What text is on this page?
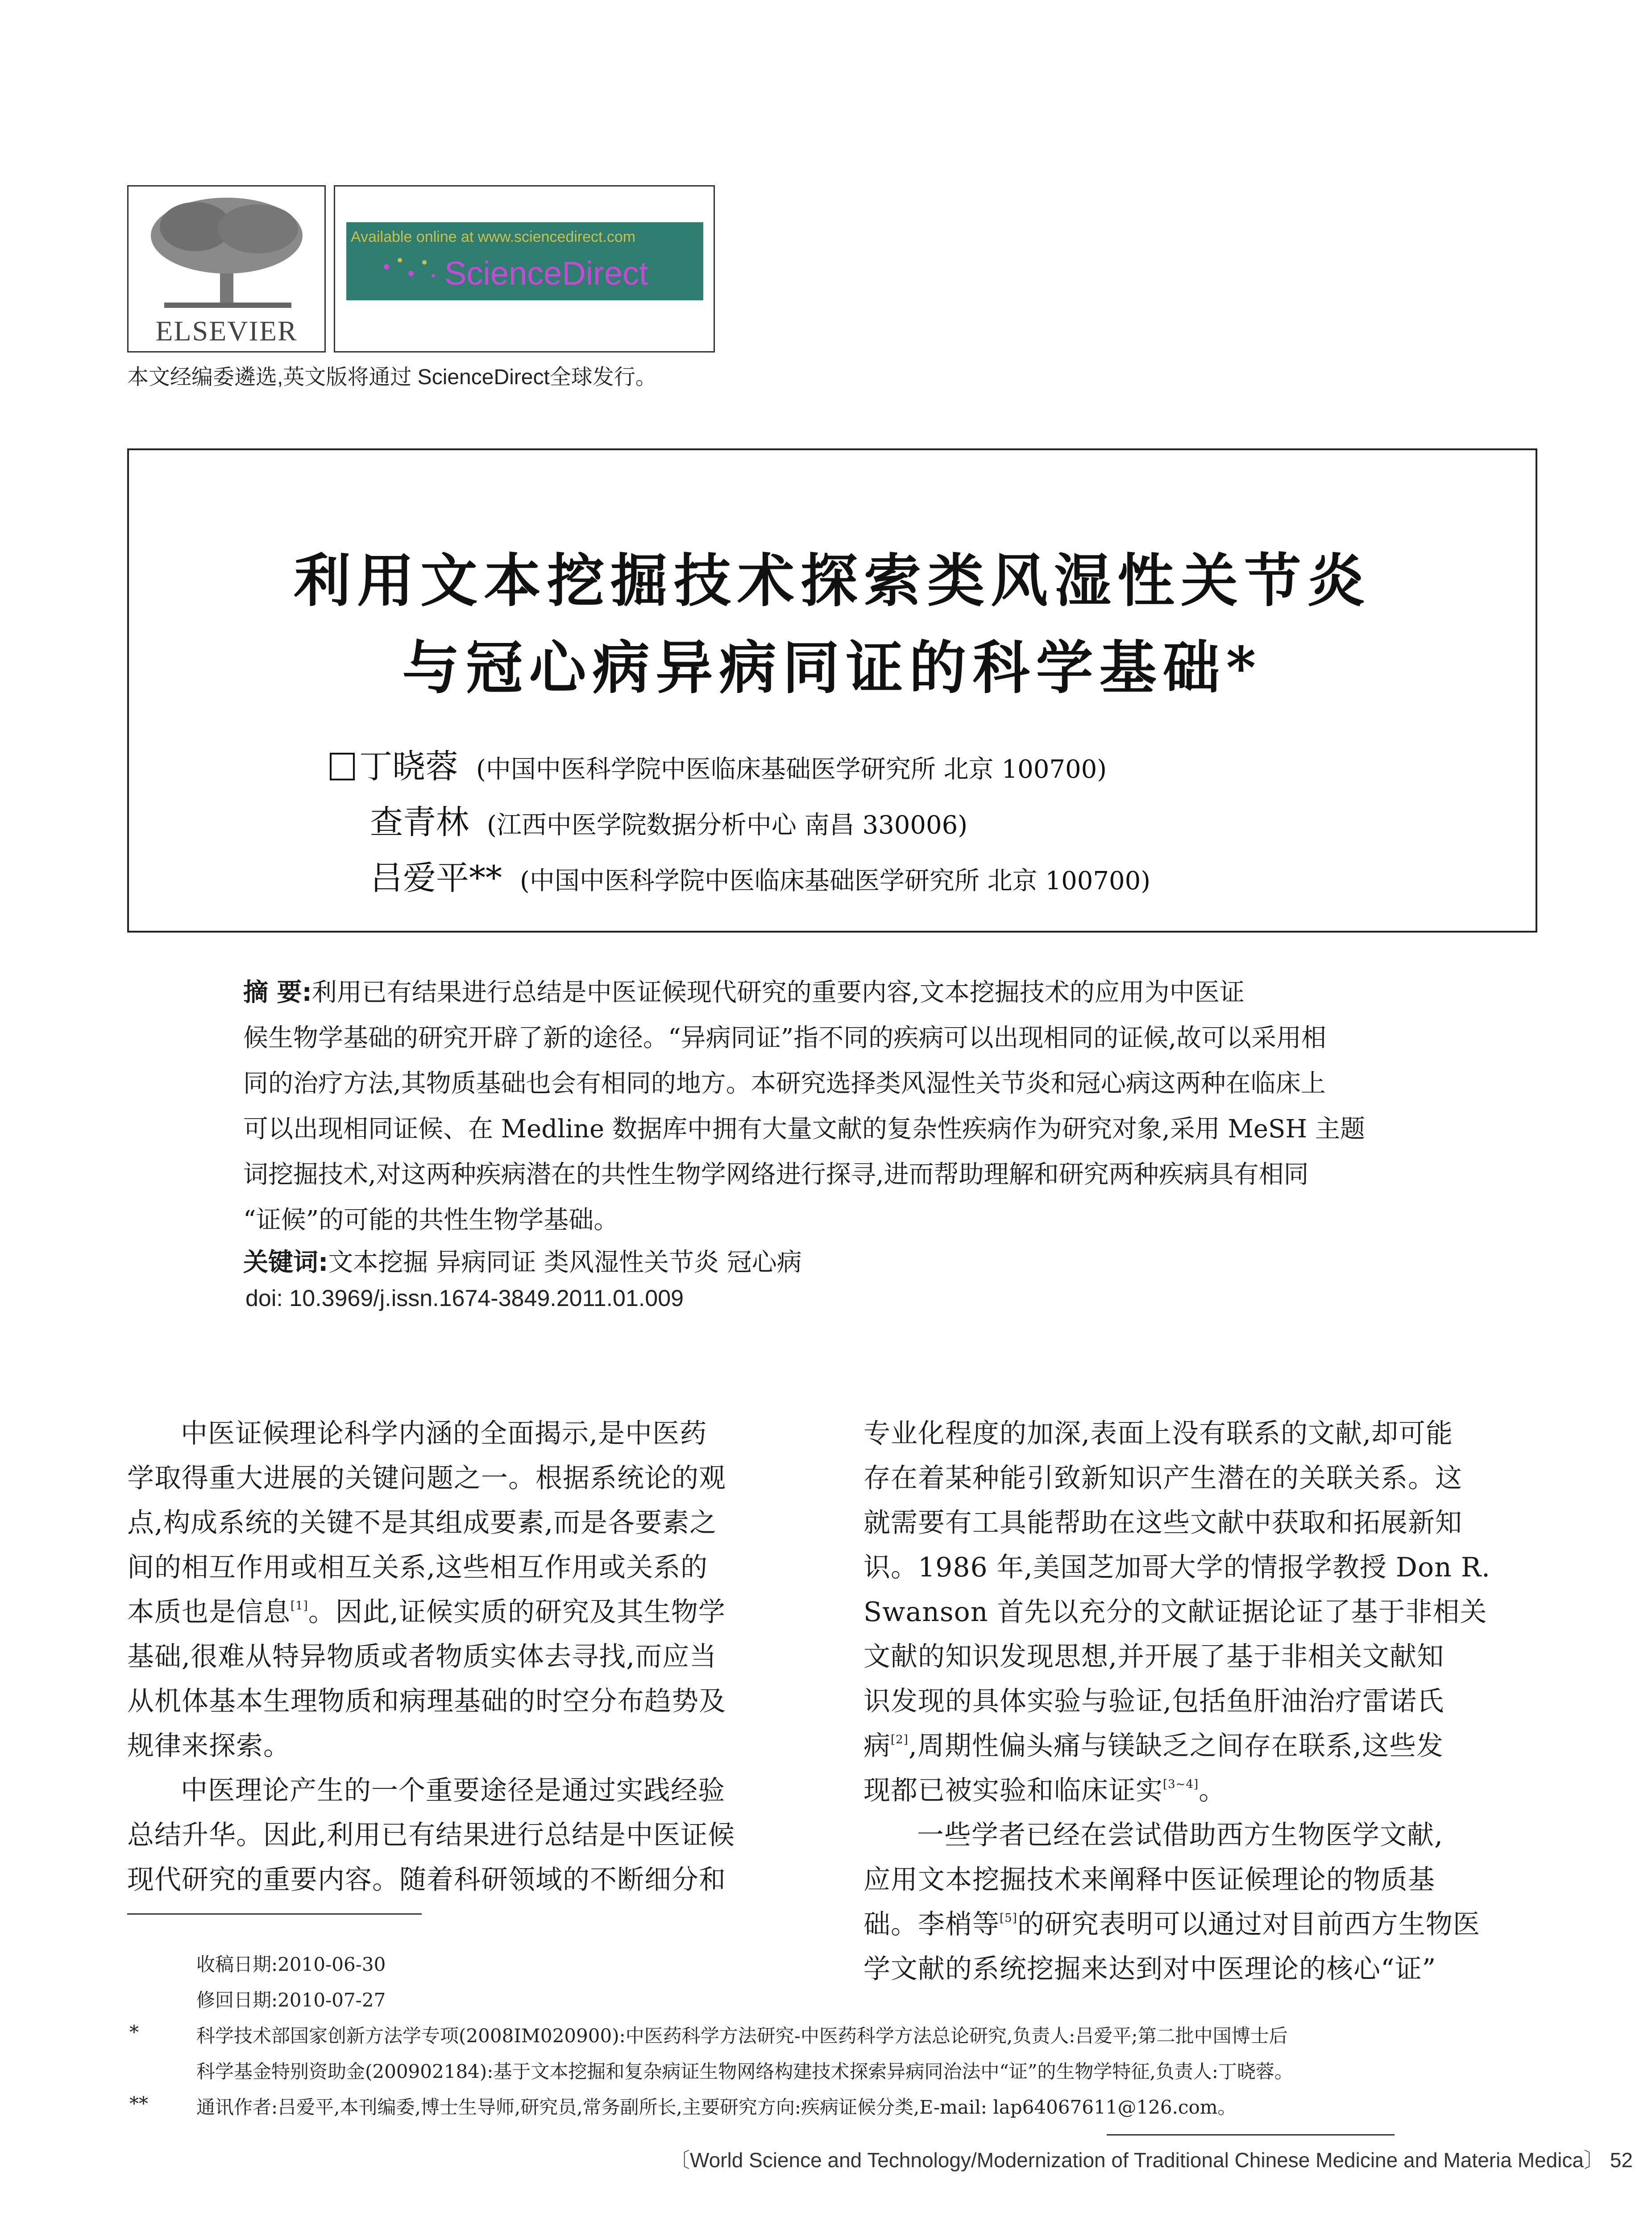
ELSEVIER
Available online at www.sciencedirect.com
ScienceDirect
本文经编委遴选,英文版将通过 ScienceDirect全球发行。
利用文本挖掘技术探索类风湿性关节炎
与冠心病异病同证的科学基础*
丁晓蓉 (中国中医科学院中医临床基础医学研究所 北京 100700)
查青林 (江西中医学院数据分析中心 南昌 330006)
吕爱平** (中国中医科学院中医临床基础医学研究所 北京 100700)
摘 要:利用已有结果进行总结是中医证候现代研究的重要内容,文本挖掘技术的应用为中医证
候生物学基础的研究开辟了新的途径。“异病同证”指不同的疾病可以出现相同的证候,故可以采用相
同的治疗方法,其物质基础也会有相同的地方。本研究选择类风湿性关节炎和冠心病这两种在临床上
可以出现相同证候、在 Medline 数据库中拥有大量文献的复杂性疾病作为研究对象,采用 MeSH 主题
词挖掘技术,对这两种疾病潜在的共性生物学网络进行探寻,进而帮助理解和研究两种疾病具有相同
“证候”的可能的共性生物学基础。
关键词:文本挖掘 异病同证 类风湿性关节炎 冠心病
doi: 10.3969/j.issn.1674-3849.2011.01.009
中医证候理论科学内涵的全面揭示,是中医药
学取得重大进展的关键问题之一。根据系统论的观
点,构成系统的关键不是其组成要素,而是各要素之
间的相互作用或相互关系,这些相互作用或关系的
本质也是信息[1]。因此,证候实质的研究及其生物学
基础,很难从特异物质或者物质实体去寻找,而应当
从机体基本生理物质和病理基础的时空分布趋势及
规律来探索。
中医理论产生的一个重要途径是通过实践经验
总结升华。因此,利用已有结果进行总结是中医证候
现代研究的重要内容。随着科研领域的不断细分和
专业化程度的加深,表面上没有联系的文献,却可能
存在着某种能引致新知识产生潜在的关联关系。这
就需要有工具能帮助在这些文献中获取和拓展新知
识。1986 年,美国芝加哥大学的情报学教授 Don R.
Swanson 首先以充分的文献证据论证了基于非相关
文献的知识发现思想,并开展了基于非相关文献知
识发现的具体实验与验证,包括鱼肝油治疗雷诺氏
病[2],周期性偏头痛与镁缺乏之间存在联系,这些发
现都已被实验和临床证实[3~4]。
一些学者已经在尝试借助西方生物医学文献,
应用文本挖掘技术来阐释中医证候理论的物质基
础。李梢等[5]的研究表明可以通过对目前西方生物医
学文献的系统挖掘来达到对中医理论的核心“证”
收稿日期:2010-06-30
修回日期:2010-07-27
*	科学技术部国家创新方法学专项(2008IM020900):中医药科学方法研究-中医药科学方法总论研究,负责人:吕爱平;第二批中国博士后
科学基金特别资助金(200902184):基于文本挖掘和复杂病证生物网络构建技术探索异病同治法中“证”的生物学特征,负责人:丁晓蓉。
**	通讯作者:吕爱平,本刊编委,博士生导师,研究员,常务副所长,主要研究方向:疾病证候分类,E-mail: lap64067611@126.com。
〔World Science and Technology/Modernization of Traditional Chinese Medicine and Materia Medica〕 52
